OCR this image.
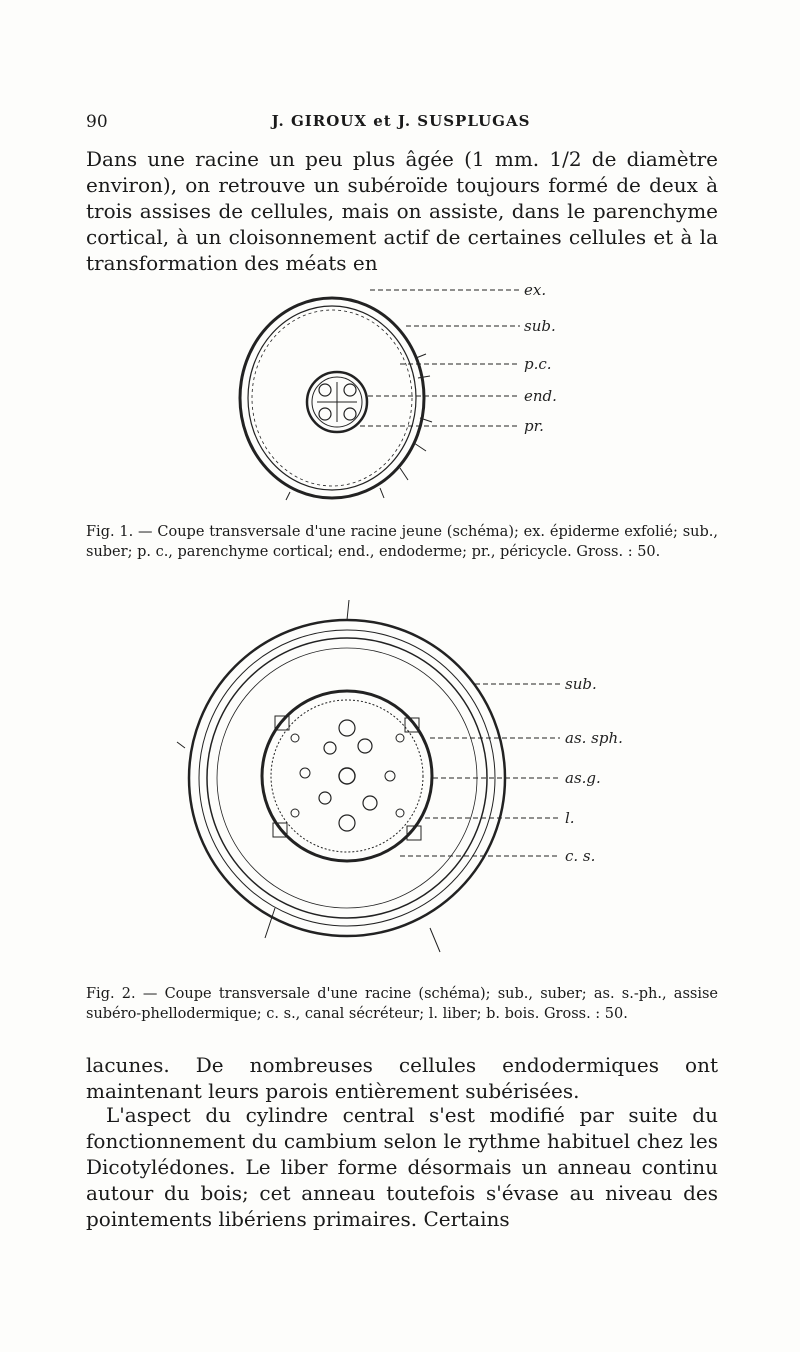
90	J. GIROUX et J. SUSPLUGAS

Dans une racine un peu plus âgée (1 mm. 1/2 de diamètre environ), on retrouve un subéroïde toujours formé de deux à trois assises de cellules, mais on assiste, dans le parenchyme cortical, à un cloisonnement actif de certaines cellules et à la transformation des méats en

ex.
sub.
p.c.
end.
pr.

Fig. 1. — Coupe transversale d'une racine jeune (schéma); ex. épiderme exfolié; sub., suber; p. c., parenchyme cortical; end., endoderme; pr., péricycle. Gross. : 50.

sub.
as. sph.
as.g.
l.
c. s.

Fig. 2. — Coupe transversale d'une racine (schéma); sub., suber; as. s.-ph., assise subéro-phellodermique; c. s., canal sécréteur; l. liber; b. bois. Gross. : 50.

lacunes. De nombreuses cellules endodermiques ont maintenant leurs parois entièrement subérisées.

L'aspect du cylindre central s'est modifié par suite du fonctionnement du cambium selon le rythme habituel chez les Dicotylédones. Le liber forme désormais un anneau continu autour du bois; cet anneau toutefois s'évase au niveau des pointements libériens primaires. Certains
